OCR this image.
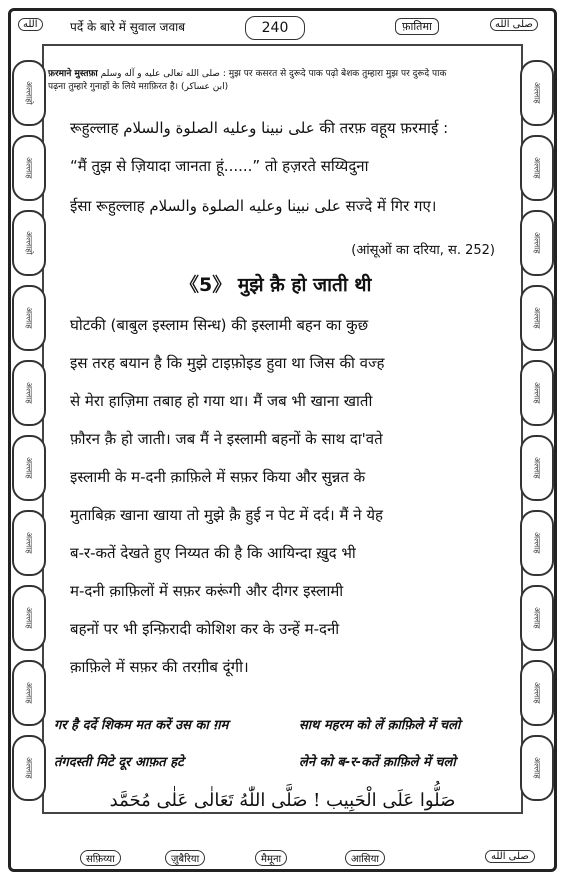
الله	पर्दे के बारे में सुवाल जवाब	240	फ़ातिमा	صلى الله
अल्लाहो
अल्लाह
अल्लाहो
अल्लाह
अल्लाह
अल्लाह
अल्लाह
अल्लाह
अल्लाह
अल्लाह
अल्लाह
अल्लाह
अल्लाह
अल्लाह
अल्लाह
अल्लाह
अल्लाह
अल्लाह
अल्लाह
अल्लाह
फ़रमाने मुस्तफ़ा صلى الله تعالى عليه و آله وسلم : मुझ पर कसरत से दुरूदे पाक पढ़ो बेशक तुम्हारा मुझ पर दुरूदे पाक
पढ़ना तुम्हारे गुनाहों के लिये मग़फ़िरत है। (ابن عساكر)
रूहुल्लाह على نبينا وعليه الصلوة والسلام की तरफ़ वहूय फ़रमाई :
“मैं तुझ से ज़ियादा जानता हूं......” तो हज़रते सय्यिदुना
ईसा रूहुल्लाह على نبينا وعليه الصلوة والسلام सज्दे में गिर गए।
(आंसूओं का दरिया, स. 252)
《5》 मुझे क़ै हो जाती थी
घोटकी (बाबुल इस्लाम सिन्ध) की इस्लामी बहन का कुछ
इस तरह बयान है कि मुझे टाइफ़ोइड हुवा था जिस की वज्ह
से मेरा हाज़िमा तबाह हो गया था। मैं जब भी खाना खाती
फ़ौरन क़ै हो जाती। जब मैं ने इस्लामी बहनों के साथ दा'वते
इस्लामी के म-दनी क़ाफ़िले में सफ़र किया और सुन्नत के
मुताबिक़ खाना खाया तो मुझे क़ै हुई न पेट में दर्द। मैं ने येह
ब-र-कतें देखते हुए निय्यत की है कि आयिन्दा ख़ुद भी
म-दनी क़ाफ़िलों में सफ़र करूंगी और दीगर इस्लामी
बहनों पर भी इन्फ़िरादी कोशिश कर के उन्हें म-दनी
क़ाफ़िले में सफ़र की तरग़ीब दूंगी।
गर है दर्दे शिकम मत करें उस का ग़म	साथ महरम को लें क़ाफ़िले में चलो
तंगदस्ती मिटे दूर आफ़त हटे	लेने को ब-र-कतें क़ाफ़िले में चलो
صَلُّوا عَلَی الْحَبِیب ! صَلَّی اللّٰهُ تَعَالٰی عَلٰی مُحَمَّد
सफ़िय्या	ज़ुबैरिया	मैमूना	आसिया	صلى الله
